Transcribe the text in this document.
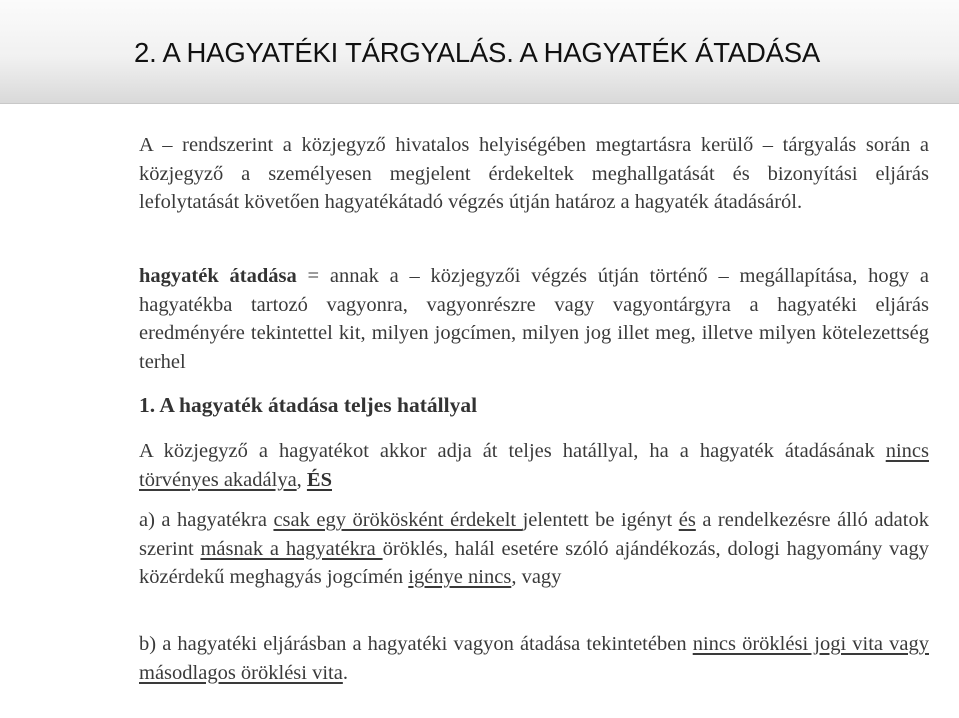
2. A HAGYATÉKI TÁRGYALÁS. A HAGYATÉK ÁTADÁSA
A – rendszerint a közjegyző hivatalos helyiségében megtartásra kerülő – tárgyalás során a közjegyző a személyesen megjelent érdekeltek meghallgatását és bizonyítási eljárás lefolytatását követően hagyatékátadó végzés útján határoz a hagyaték átadásáról.
hagyaték átadása = annak a – közjegyzői végzés útján történő – megállapítása, hogy a hagyatékba tartozó vagyonra, vagyonrészre vagy vagyontárgyra a hagyatéki eljárás eredményére tekintettel kit, milyen jogcímen, milyen jog illet meg, illetve milyen kötelezettség terhel
1. A hagyaték átadása teljes hatállyal
A közjegyző a hagyatékot akkor adja át teljes hatállyal, ha a hagyaték átadásának nincs törvényes akadálya, ÉS
a) a hagyatékra csak egy örökösként érdekelt jelentett be igényt és a rendelkezésre álló adatok szerint másnak a hagyatékra öröklés, halál esetére szóló ajándékozás, dologi hagyomány vagy közérdekű meghagyás jogcímén igénye nincs, vagy
b) a hagyatéki eljárásban a hagyatéki vagyon átadása tekintetében nincs öröklési jogi vita vagy másodlagos öröklési vita.
